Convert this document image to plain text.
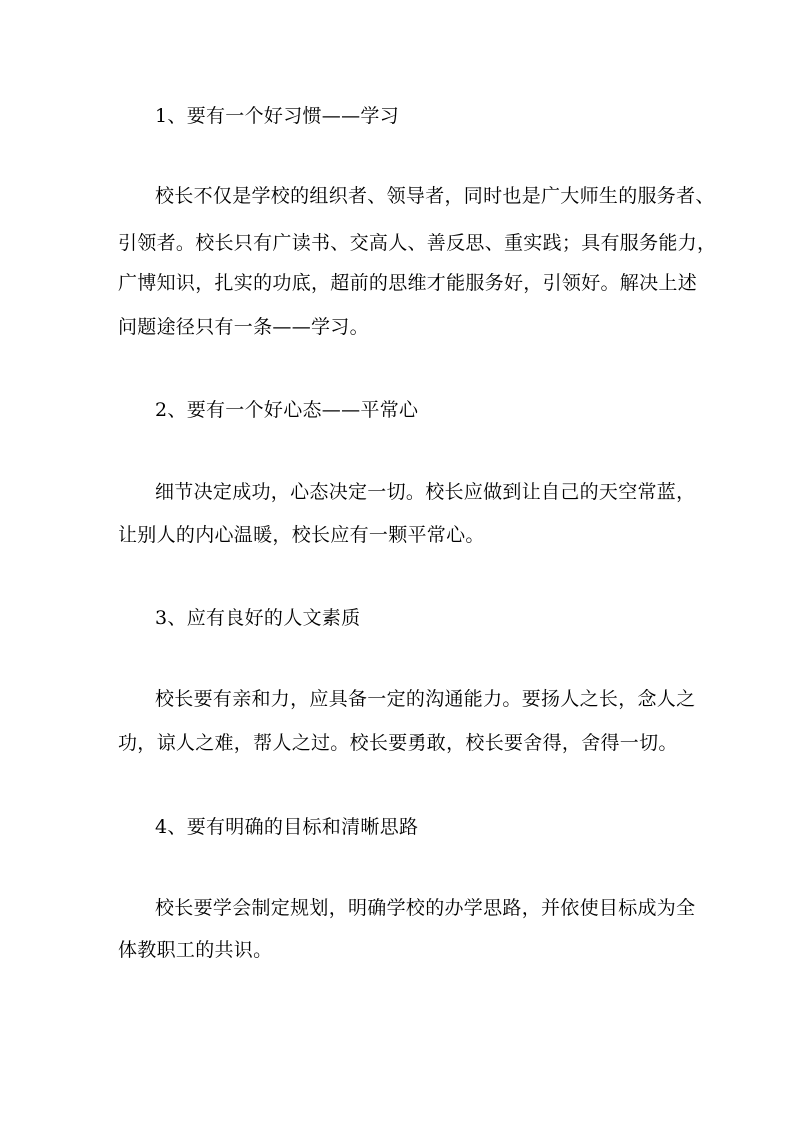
1、要有一个好习惯——学习
校长不仅是学校的组织者、领导者，同时也是广大师生的服务者、
引领者。校长只有广读书、交高人、善反思、重实践；具有服务能力，
广博知识，扎实的功底，超前的思维才能服务好，引领好。解决上述
问题途径只有一条——学习。
2、要有一个好心态——平常心
细节决定成功，心态决定一切。校长应做到让自己的天空常蓝，
让别人的内心温暖，校长应有一颗平常心。
3、应有良好的人文素质
校长要有亲和力，应具备一定的沟通能力。要扬人之长，念人之
功，谅人之难，帮人之过。校长要勇敢，校长要舍得，舍得一切。
4、要有明确的目标和清晰思路
校长要学会制定规划，明确学校的办学思路，并依使目标成为全
体教职工的共识。
